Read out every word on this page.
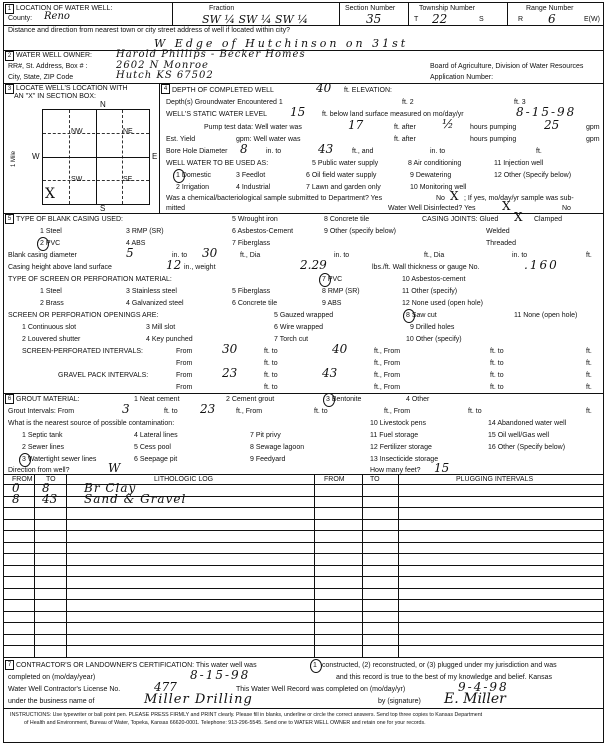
1 LOCATION OF WATER WELL:
County: Reno
Fraction
SW ¼ SW ¼ SW ¼
Section Number
35
Township Number
T 22	S
Range Number
R 6	E(W)
Distance and direction from nearest town or city street address of well if located within city?
W Edge of Hutchinson on 31st
2 WATER WELL OWNER: Harold Phillips - Becker Homes
RR#, St. Address, Box # :	2602 N Monroe	Board of Agriculture, Division of Water Resources
City, State, ZIP Code	Hutch KS 67502	Application Number:
3 LOCATE WELL'S LOCATION WITH
AN "X" IN SECTION BOX:
N
S
W	E
1 Mile
NW	NE
SW	SE
X
4 DEPTH OF COMPLETED WELL	40 ft. ELEVATION:
Depth(s) Groundwater Encountered 1	ft. 2	ft. 3
WELL'S STATIC WATER LEVEL 15 ft. below land surface measured on mo/day/yr	8-15-98
Pump test data: Well water was	17	ft. after ½ hours pumping 25	gpm
Est. Yield	gpm: Well water was	ft. after	hours pumping	gpm
Bore Hole Diameter 8	in. to	43	ft., and	in. to	ft.
WELL WATER TO BE USED AS:	5 Public water supply	8 Air conditioning	11 Injection well
1 Domestic	3 Feedlot	6 Oil field water supply	9 Dewatering	12 Other (Specify below)
2 Irrigation	4 Industrial	7 Lawn and garden only	10 Monitoring well
Was a chemical/bacteriological sample submitted to Department? Yes	No X ; If yes, mo/day/yr sample was sub-
mitted	Water Well Disinfected? Yes X	No
5 TYPE OF BLANK CASING USED:	5 Wrought iron	8 Concrete tile	CASING JOINTS: Glued X Clamped
1 Steel	3 RMP (SR)	6 Asbestos-Cement	9 Other (specify below)	Welded
2 PVC	4 ABS	7 Fiberglass	Threaded
Blank casing diameter	5	in. to 30	ft., Dia	in. to	ft., Dia	in. to	ft.
Casing height above land surface	12 in., weight	2.29	lbs./ft. Wall thickness or gauge No.	.160
TYPE OF SCREEN OR PERFORATION MATERIAL:	7 PVC	10 Asbestos-cement
1 Steel	3 Stainless steel	5 Fiberglass	8 RMP (SR)	11 Other (specify)
2 Brass	4 Galvanized steel	6 Concrete tile	9 ABS	12 None used (open hole)
SCREEN OR PERFORATION OPENINGS ARE:	5 Gauzed wrapped	8 Saw cut	11 None (open hole)
1 Continuous slot	3 Mill slot	6 Wire wrapped	9 Drilled holes
2 Louvered shutter	4 Key punched	7 Torch cut	10 Other (specify)
SCREEN-PERFORATED INTERVALS:	From 30	ft. to	40	ft., From	ft. to	ft.
From	ft. to	ft., From	ft. to	ft.
GRAVEL PACK INTERVALS:	From 23	ft. to	43	ft., From	ft. to	ft.
From	ft. to	ft., From	ft. to	ft.
6 GROUT MATERIAL:	1 Neat cement	2 Cement grout	3 Bentonite	4 Other
Grout Intervals: From	3	ft. to 23	ft., From	ft. to	ft., From	ft. to	ft.
What is the nearest source of possible contamination:	10 Livestock pens	14 Abandoned water well
1 Septic tank	4 Lateral lines	7 Pit privy	11 Fuel storage	15 Oil well/Gas well
2 Sewer lines	5 Cess pool	8 Sewage lagoon	12 Fertilizer storage	16 Other (Specify below)
3 Watertight sewer lines	6 Seepage pit	9 Feedyard	13 Insecticide storage
Direction from well?	W	How many feet? 15
FROM TO	LITHOLOGIC LOG	FROM	TO	PLUGGING INTERVALS
0 8	Br Clay
8 43 Sand & Gravel
7 CONTRACTOR'S OR LANDOWNER'S CERTIFICATION: This water well was	1 constructed, (2) reconstructed, or (3) plugged under my jurisdiction and was
completed on (mo/day/year)	8-15-98	and this record is true to the best of my knowledge and belief. Kansas
Water Well Contractor's License No.	477	This Water Well Record was completed on (mo/day/yr)	9-4-98
under the business name of	Miller Drilling	by (signature) E. Miller
INSTRUCTIONS: Use typewriter or ball point pen. PLEASE PRESS FIRMLY and PRINT clearly. Please fill in blanks, underline or circle the correct answers. Send top three copies to Kansas Department
of Health and Environment, Bureau of Water, Topeka, Kansas 66620-0001. Telephone: 913-296-5545. Send one to WATER WELL OWNER and retain one for your records.
